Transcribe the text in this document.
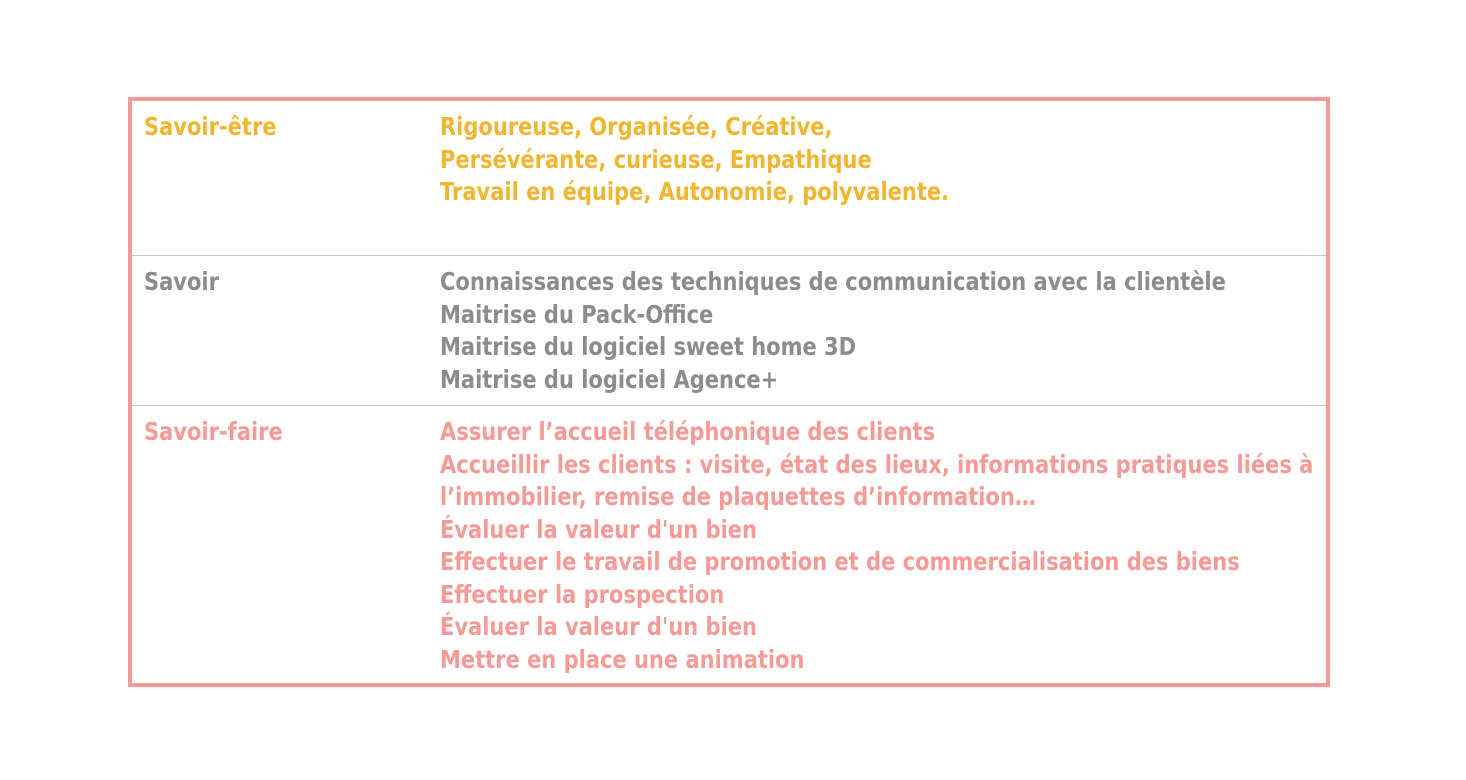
Savoir-être	Rigoureuse, Organisée, Créative,
Persévérante, curieuse, Empathique
Travail en équipe, Autonomie, polyvalente.
Savoir	Connaissances des techniques de communication avec la clientèle
Maitrise du Pack-Office
Maitrise du logiciel sweet home 3D
Maitrise du logiciel Agence+
Savoir-faire	Assurer l’accueil téléphonique des clients
Accueillir les clients : visite, état des lieux, informations pratiques liées à
l’immobilier, remise de plaquettes d’information…
Évaluer la valeur d'un bien
Effectuer le travail de promotion et de commercialisation des biens
Effectuer la prospection
Évaluer la valeur d'un bien
Mettre en place une animation
